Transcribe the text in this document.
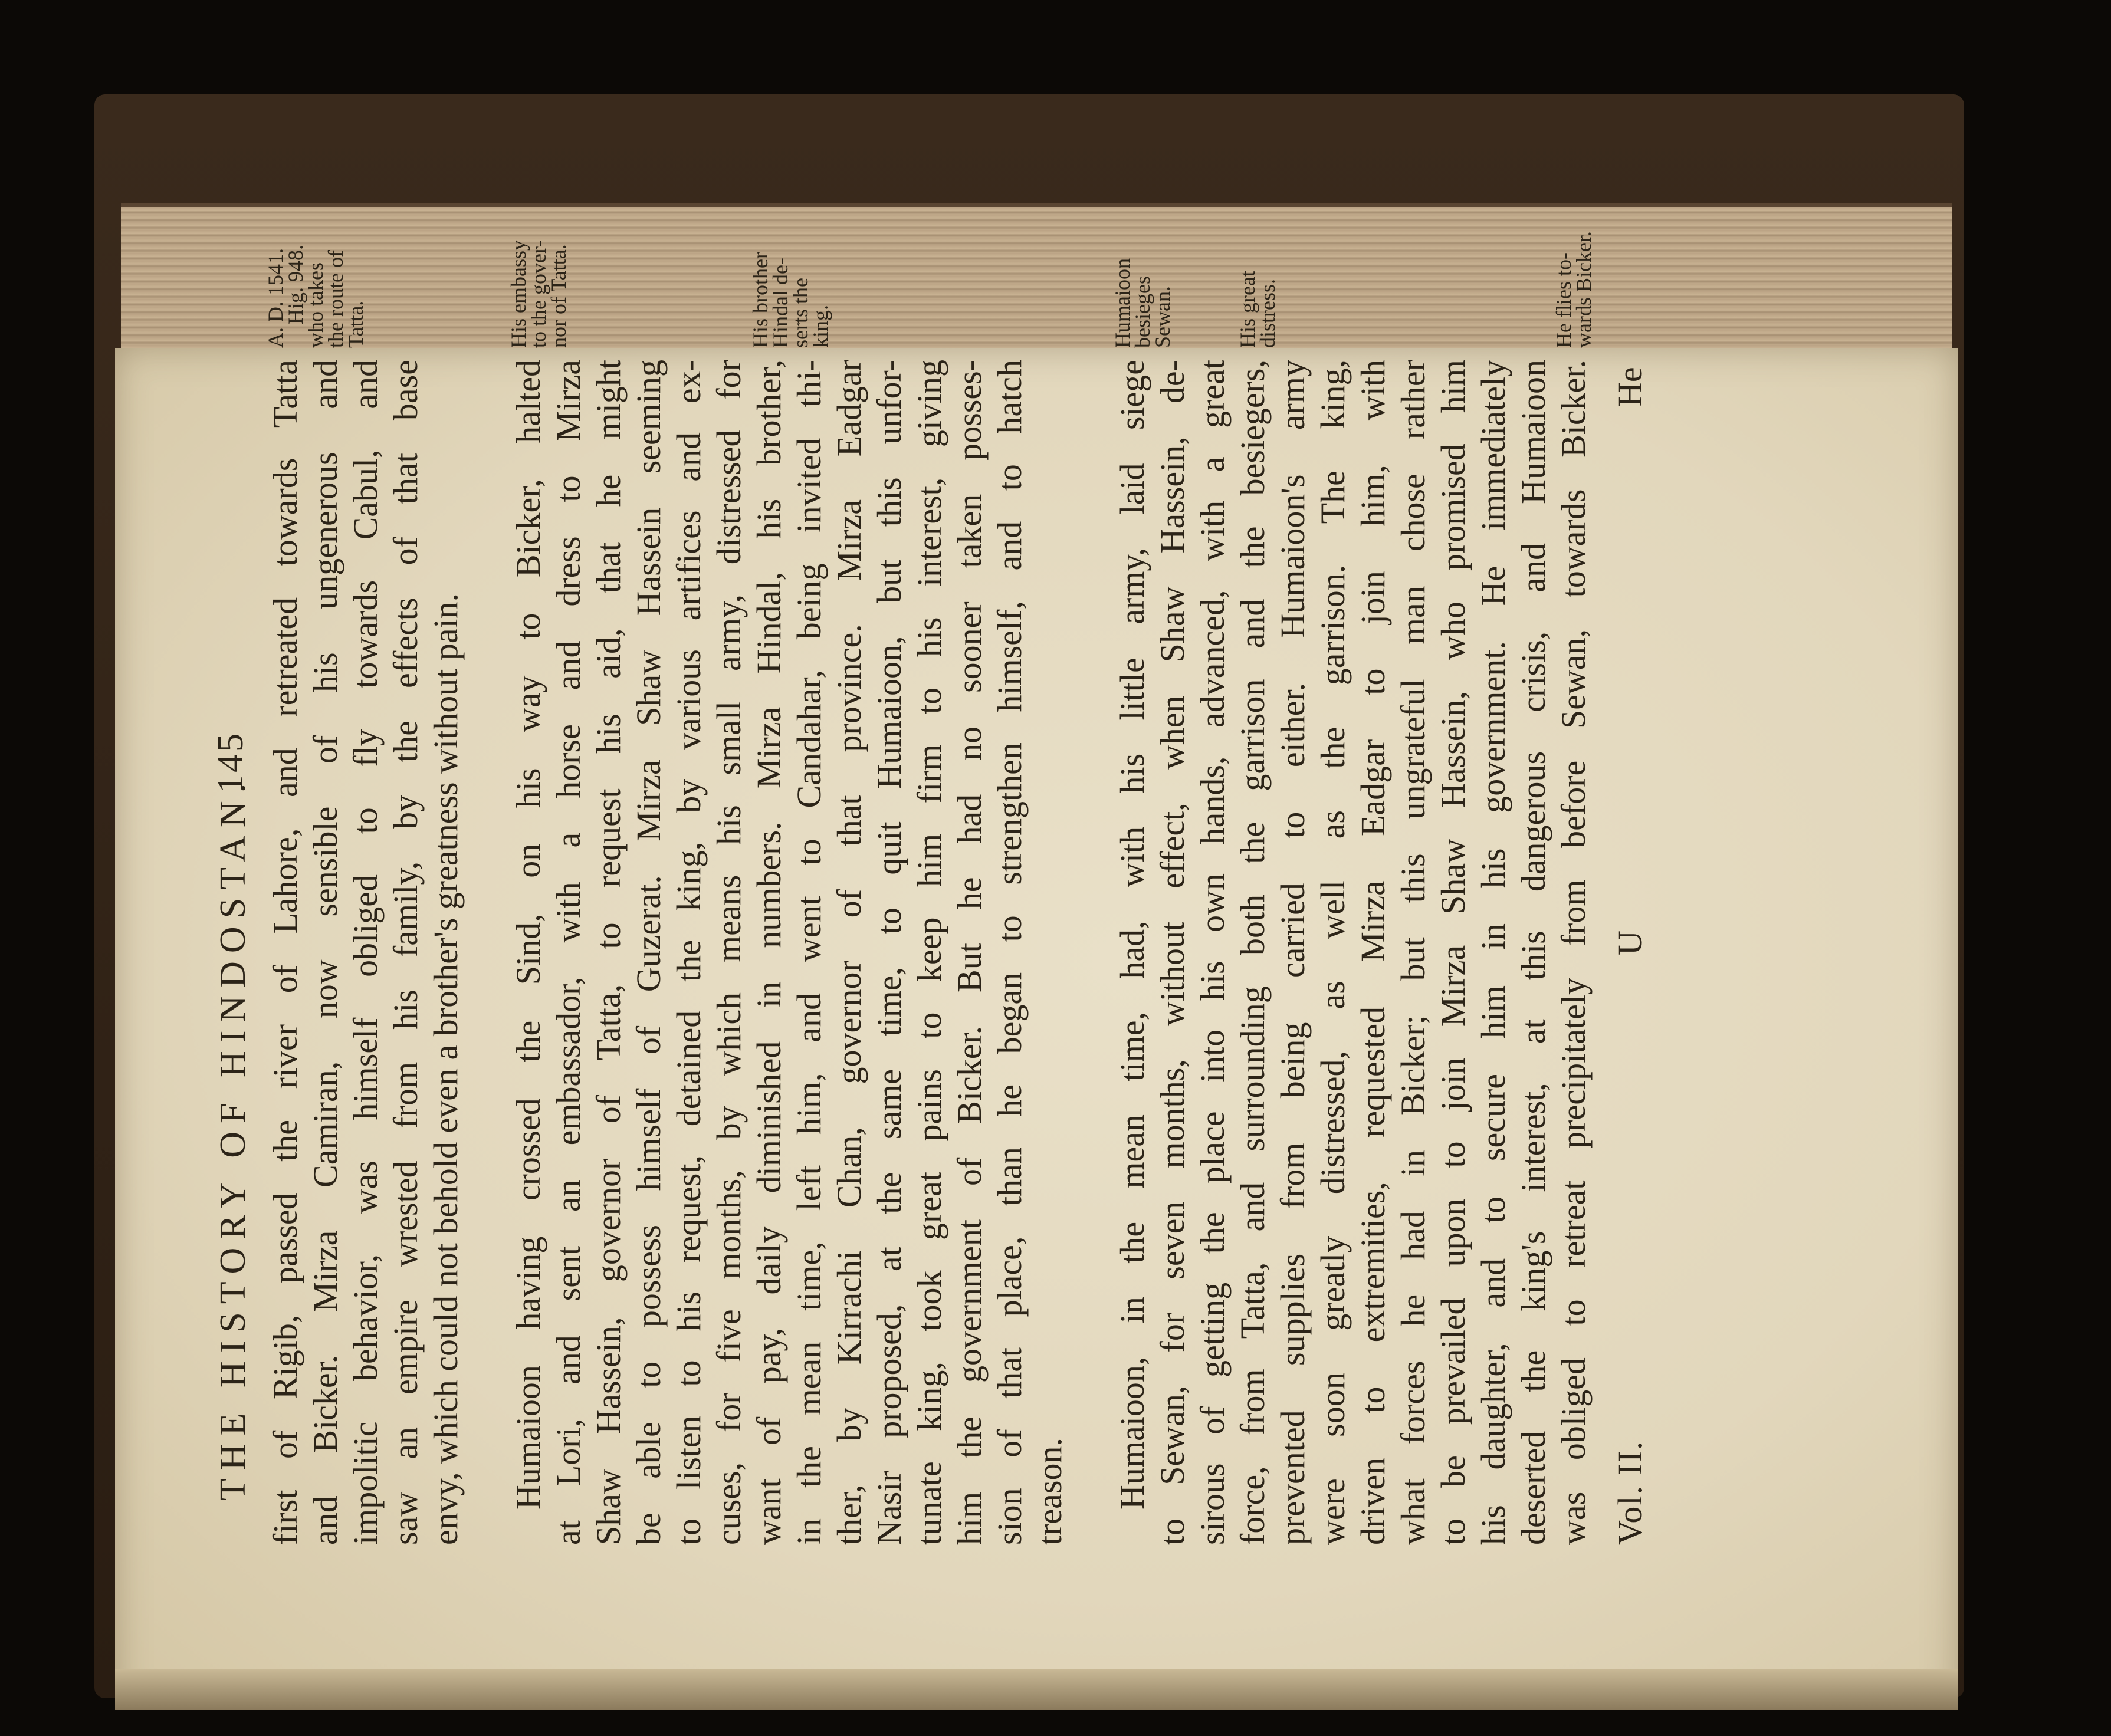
THE HISTORY OF HINDOSTAN.
145
A. D. 1541.
Hig. 948.
who takes
the route of
Tatta.
first of Rigib, passed the river of Lahore, and retreated towards Tatta and Bicker. Mirza Camiran, now sensible of his ungenerous and impolitic behavior, was himself obliged to fly towards Cabul, and saw an empire wrested from his family, by the effects of that base envy, which could not behold even a brother's greatness without pain.
His embassy
to the gover-
nor of Tatta.
Humaioon having crossed the Sind, on his way to Bicker, halted at Lori, and sent an embassador, with a horse and dress to Mirza Shaw Hassein, governor of Tatta, to request his aid, that he might be able to possess himself of Guzerat. Mirza Shaw Hassein seeming to listen to his request, detained the king, by various artifices and ex-
His brother
Hindal de-
serts the
king.
cuses, for five months, by which means his small army, distressed for want of pay, daily diminished in numbers. Mirza Hindal, his brother, in the mean time, left him, and went to Candahar, being invited thi- ther, by Kirrachi Chan, governor of that province. Mirza Eadgar Nasir proposed, at the same time, to quit Humaioon, but this unfor- tunate king, took great pains to keep him firm to his interest, giving him the government of Bicker. But he had no sooner taken posses- sion of that place, than he began to strengthen himself, and to hatch treason.
Humaioon
besieges
Sewan.
Humaioon, in the mean time, had, with his little army, laid siege to Sewan, for seven months, without effect, when Shaw Hassein, de- sirous of getting the place into his own hands, advanced, with a great force, from Tatta, and surrounding both the garrison and the besiegers,
His great
distress.
prevented supplies from being carried to either. Humaioon's army were soon greatly distressed, as well as the garrison. The king, driven to extremities, requested Mirza Eadgar to join him, with what forces he had in Bicker; but this ungrateful man chose rather to be prevailed upon to join Mirza Shaw Hassein, who promised him his daughter, and to secure him in his government. He immediately deserted the king's interest, at this dangerous crisis, and Humaioon
He flies to-
wards Bicker.
was obliged to retreat precipitately from before Sewan, towards Bicker. Vol. II.
U
He
